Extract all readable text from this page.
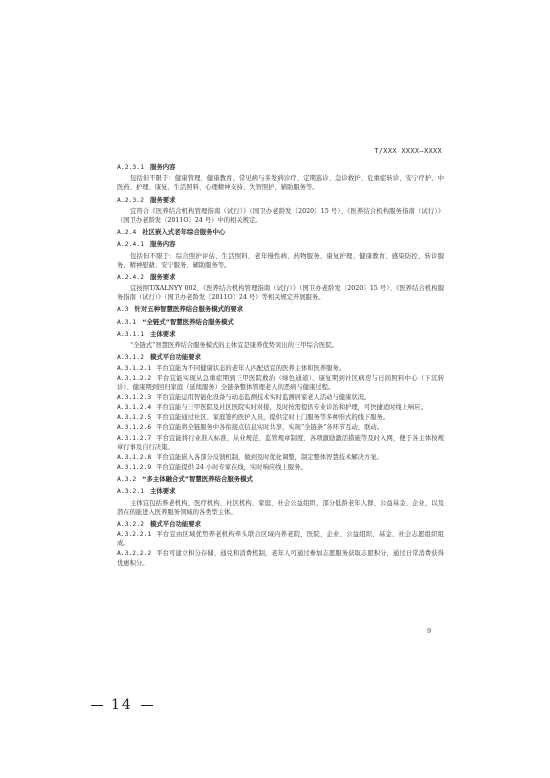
T/XXX XXXX—XXXX
A.2.3.1 服务内容
包括但不限于：健康管理、健康教育、常见病与多发病诊疗、定期巡诊、急诊救护、危重症转诊、安宁疗护、中医药、护理、康复、生活照料、心理精神支持、失智照护、辅助服务等。
A.2.3.2 服务要求
宜符合《医养结合机构管理指南（试行）》（国卫办老龄发〔2020〕15 号）、《医养结合机构服务指南（试行）》（国卫办老龄发〔2011O〕24 号）中的相关规定。
A.2.4 社区嵌入式老年综合服务中心
A.2.4.1 服务内容
包括但不限于：综合照护评估、生活照料、老年慢性病、药物服务、康复护理、健康教育、感染防控、转诊服务、精神慰藉、安宁服务、辅助服务等。
A.2.4.2 服务要求
宜按照T/XALNYY 002、《医养结合机构管理指南（试行）》（国卫办老龄发〔2020〕15 号）、《医养结合机构服务指南（试行）》（国卫办老龄发〔2011O〕24 号）等相关规定开展服务。
A.3 针对五种智慧医养结合服务模式的要求
A.3.1 “全链式”智慧医养结合服务模式
A.3.1.1 主体要求
“全链式”智慧医养结合服务模式的主体宜是康养优势突出的三甲综合医院。
A.3.1.2 模式平台功能要求
A.3.1.2.1 平台宜能为不同健康状态的老年人匹配适宜的医养主体和医养服务。
A.3.1.2.2 平台宜能实现从急重症期到三甲医院救治（绿色通道）、康复期到社区病房与日间照料中心（下沉转诊）、健康期到回归家庭（延续服务）全链条整体管理老人的恶病与健康过程。
A.3.1.2.3 平台宜能运用智能化设备与动态监测技术实时监测居家老人活动与健康状况。
A.3.1.2.4 平台宜能与三甲医院及社区医院实时对接，及时按需提供专业诊治和护理，可快捷适时线上响应。
A.3.1.2.5 平台宜能通过社区、家庭签约医护人员，提供定时上门服务等多种形式的线下服务。
A.3.1.2.6 平台宜能将全链服务中各衔接点信息实时共享，实现“全链条”各环节互动、联动。
A.3.1.2.7 平台宜能将行业准入标准、从业规范、监管规章制度、各项激励激活措施等及时入网，便于各主体按规章行事及自行决策。
A.3.1.2.8 平台宜能嵌入各部分反馈机制，做到及时优化调整，制定整体智慧技术解决方案。
A.3.1.2.9 平台宜能提供 24 小时专家在线，实时响应线上服务。
A.3.2 “多主体融合式”智慧医养结合服务模式
A.3.2.1 主体要求
主体宜包括养老机构、医疗机构、社区机构、家庭、社会公益组织、部分低龄老年人群、公益基金、企业、以及潜在的能进入医养服务领域的各类型主体。
A.3.2.2 模式平台功能要求
A.3.2.2.1 平台宜由区域优势养老机构牵头联合区域内养老院、医院、企业、公益组织、基金、社会志愿组织组成。
A.3.2.2.2 平台可建立积分存储、通兑和消费机制，老年人可通过参加志愿服务获取志愿积分，通过日常消费获得优惠积分。
9
14
